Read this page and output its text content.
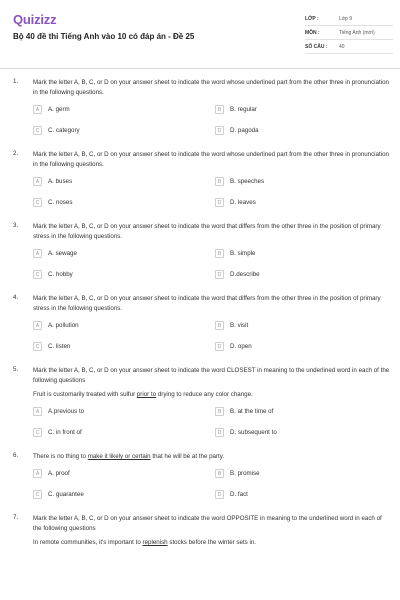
Quizizz
Bộ 40 đề thi Tiếng Anh vào 10 có đáp án - Đề 25
LỚP :	Lớp 9
MÔN :	Tiếng Anh (mới)
SỐ CÂU :	40
1. Mark the letter A, B, C, or D on your answer sheet to indicate the word whose underlined part from the other three in pronunciation in the following questions.
A	A. germ	B	B. regular
C	C. category	D	D. pagoda
2. Mark the letter A, B, C, or D on your answer sheet to indicate the word whose underlined part from the other three in pronunciation in the following questions.
A	A. buses	B	B. speeches
C	C. noses	D	D. leaves
3. Mark the letter A, B, C, or D on your answer sheet to indicate the word that differs from the other three in the position of primary stress in the following questions.
A	A. sewage	B	B. simple
C	C. hobby	D	D.describe
4. Mark the letter A, B, C, or D on your answer sheet to indicate the word that differs from the other three in the position of primary stress in the following questions.
A	A. pollution	B	B. visit
C	C. listen	D	D. open
5. Mark the letter A, B, C, or D on your answer sheet to indicate the word CLOSEST in meaning to the underlined word in each of the following questions
Fruit is customarily treated with sulfur prior to drying to reduce any color change.
A	A.previous to	B	B. at the time of
C	C. in front of	D	D. subsequent to
6. There is no thing to make it likely or certain that he will be at the party.
A	A. proof	B	B. promise
C	C. guarantee	D	D. fact
7. Mark the letter A, B, C, or D on your answer sheet to indicate the word OPPOSITE in meaning to the underlined word in each of the following questions
In remote communities, it's important to replenish stocks before the winter sets in.
